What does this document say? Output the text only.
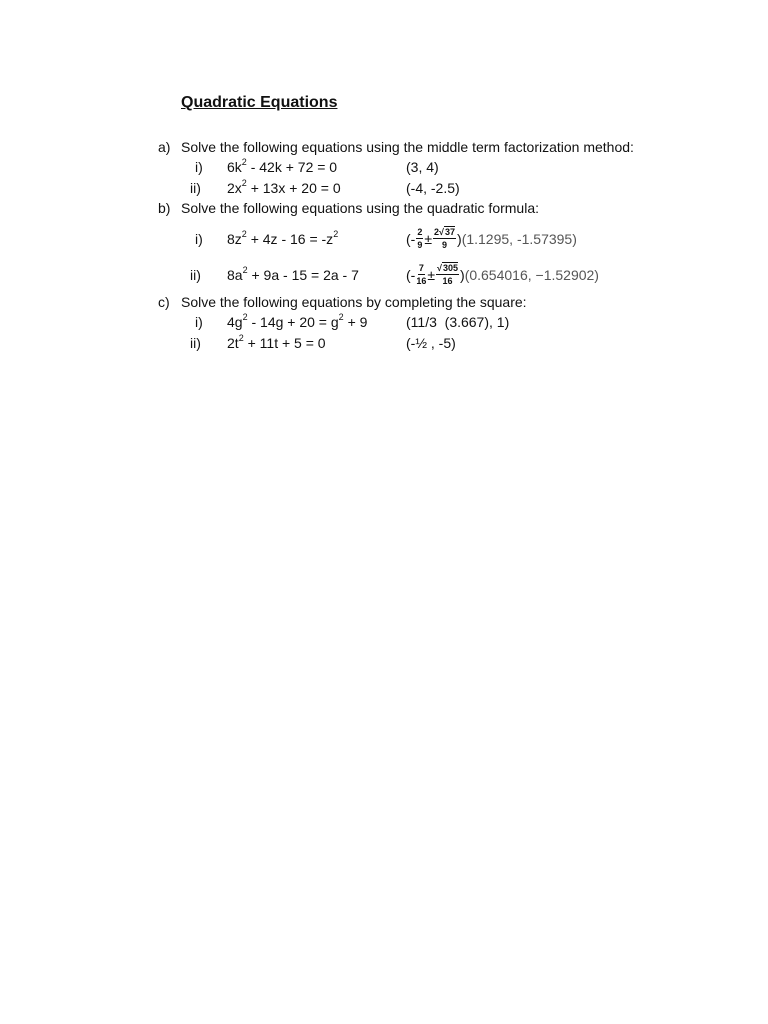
Quadratic Equations
a) Solve the following equations using the middle term factorization method:
i) $6k^2 - 42k + 72 = 0$	(3, 4)
ii) $2x^2 + 13x + 20 = 0$	(-4, -2.5)
b) Solve the following equations using the quadratic formula:
i) $8z^2 + 4z - 16 = -z^2$	(- $\frac{2}{9} \pm \frac{2√37}{9}$ ) (1.1295, -1.57395)
ii) $8a^2 + 9a - 15 = 2a - 7$	(- $\frac{7}{16} \pm \frac{√305}{16}$ ) (0.654016, −1.52902)
c) Solve the following equations by completing the square:
i) $4g^2 - 14g + 20 = g^2 + 9$	(11/3  (3.667), 1)
ii) $2t^2 + 11t + 5 = 0$	(-½ , -5)
